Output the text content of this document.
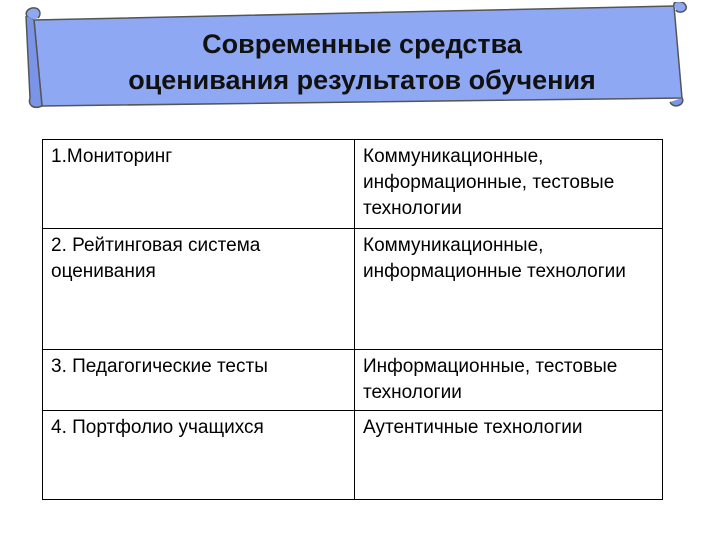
Современные средства
оценивания результатов обучения
1.Мониторинг	Коммуникационные, информационные, тестовые технологии
2. Рейтинговая система оценивания	Коммуникационные, информационные технологии
3. Педагогические тесты	Информационные, тестовые технологии
4. Портфолио учащихся	Аутентичные технологии
